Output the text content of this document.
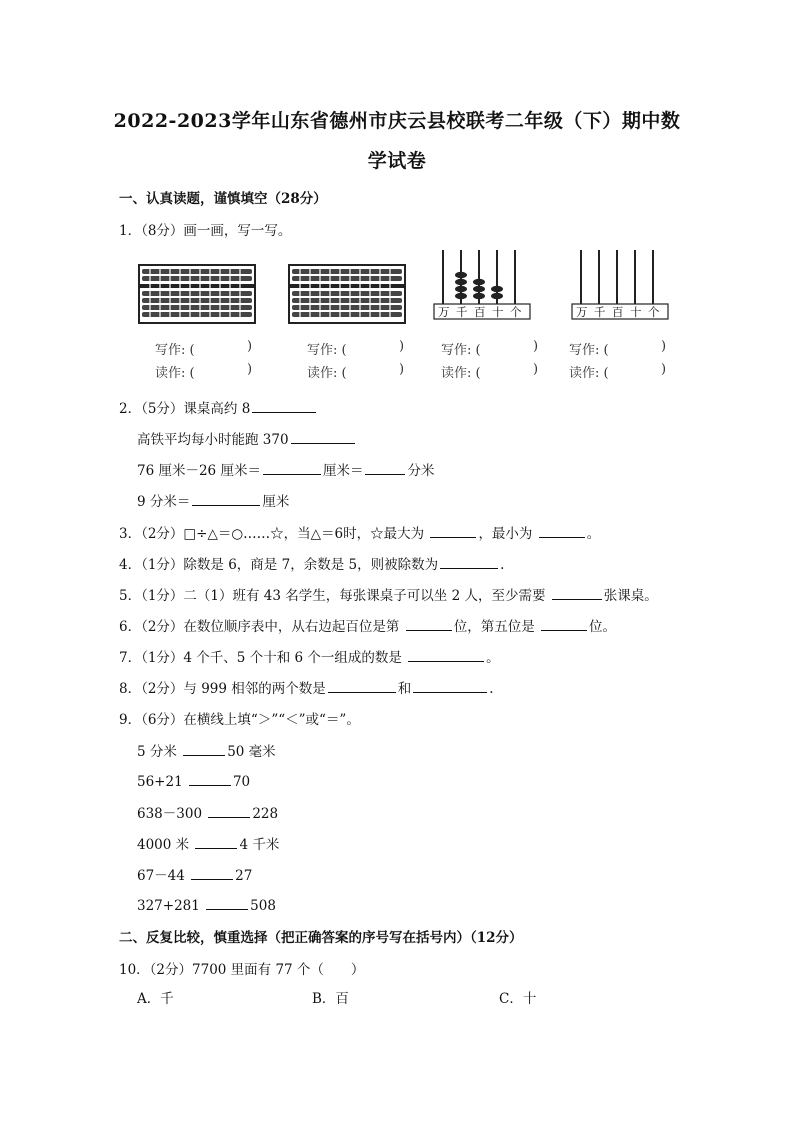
2022-2023学年山东省德州市庆云县校联考二年级（下）期中数
学试卷
一、认真读题，谨慎填空（28分）
1．（8分）画一画，写一写。
万 千 百 十 个	万 千 百 十 个
写作: (	)
读作: (	)
写作: (	)
读作: (	)
写作: (	)
读作: (	)
写作: (	)
读作: (	)
2．（5分）课桌高约 8
高铁平均每小时能跑 370
76 厘米－26 厘米＝	厘米＝	分米
9 分米＝	厘米
3．（2分）□÷△＝○……☆，当△＝6时，☆最大为	，最小为	。
4．（1分）除数是 6，商是 7，余数是 5，则被除数为	.
5．（1分）二（1）班有 43 名学生，每张课桌子可以坐 2 人，至少需要	张课桌。
6．（2分）在数位顺序表中，从右边起百位是第	位，第五位是	位。
7．（1分）4 个千、5 个十和 6 个一组成的数是	。
8．（2分）与 999 相邻的两个数是	和	.
9．（6分）在横线上填“＞”“＜”或“＝”。
5 分米	50 毫米
56+21	70
638－300	228
4000 米	4 千米
67－44	27
327+281	508
二、反复比较，慎重选择（把正确答案的序号写在括号内）（12分）
10．（2分）7700 里面有 77 个（　　）
A．千	B．百	C．十
